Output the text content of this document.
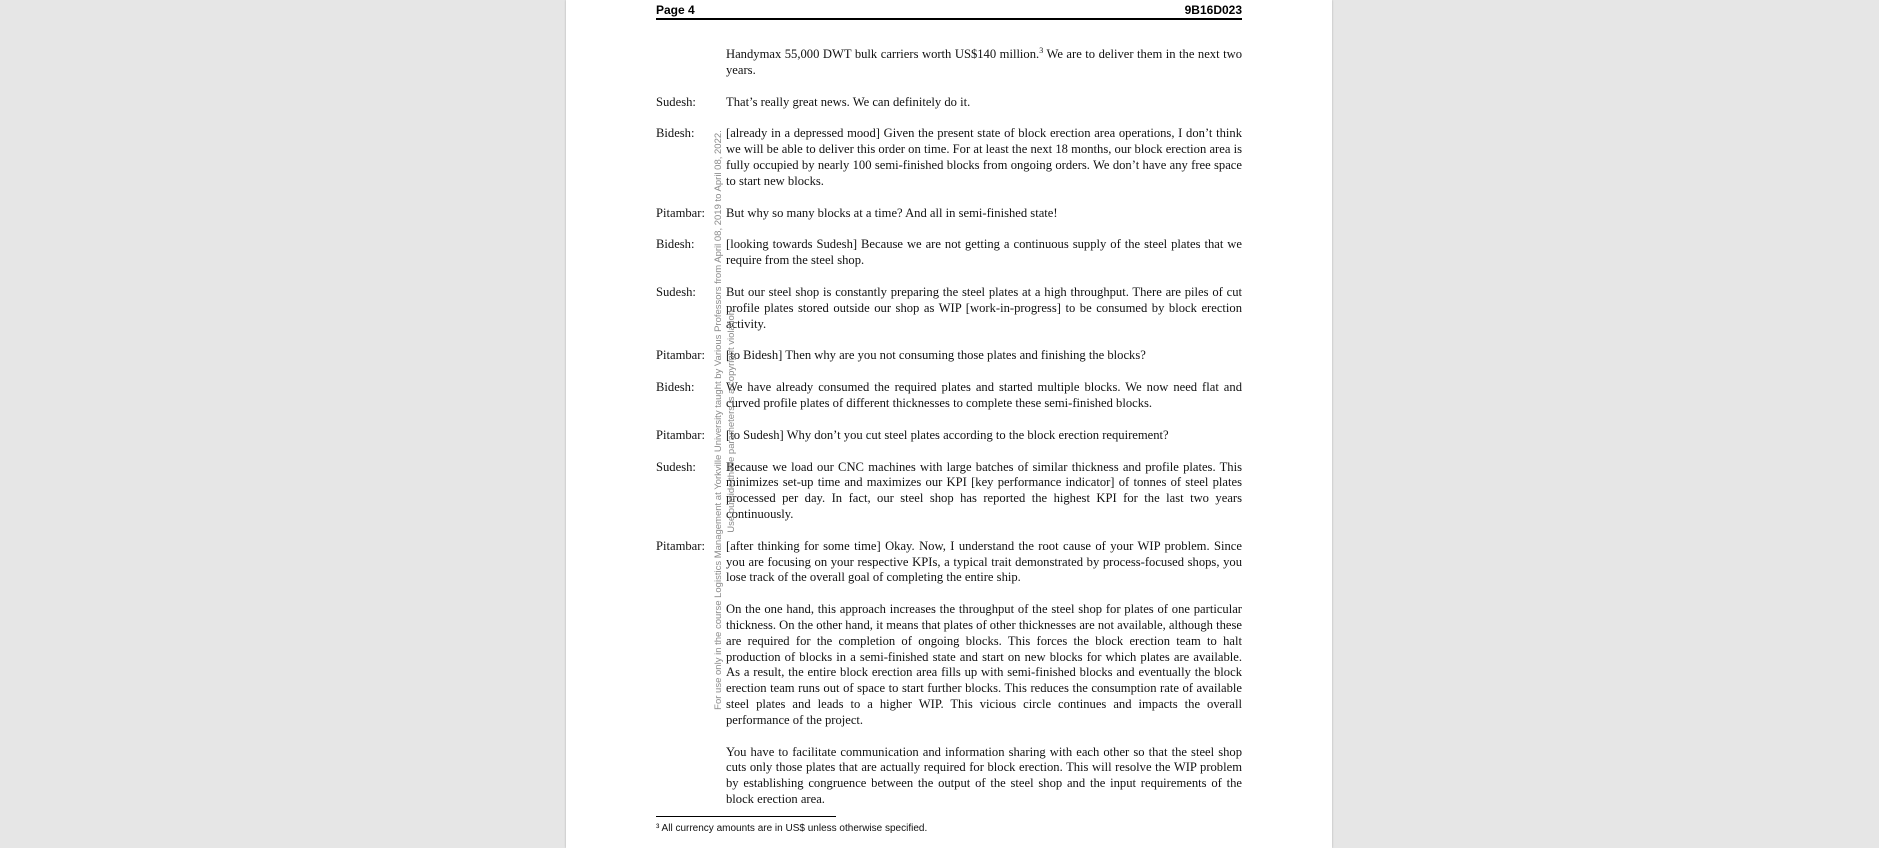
Page 4	9B16D023
Handymax 55,000 DWT bulk carriers worth US$140 million.$^3$ We are to deliver them in the next two years.
Sudesh:	That’s really great news. We can definitely do it.
Bidesh:	[already in a depressed mood] Given the present state of block erection area operations, I don’t think we will be able to deliver this order on time. For at least the next 18 months, our block erection area is fully occupied by nearly 100 semi-finished blocks from ongoing orders. We don’t have any free space to start new blocks.
Pitambar:	But why so many blocks at a time? And all in semi-finished state!
Bidesh:	[looking towards Sudesh] Because we are not getting a continuous supply of the steel plates that we require from the steel shop.
Sudesh:	But our steel shop is constantly preparing the steel plates at a high throughput. There are piles of cut profile plates stored outside our shop as WIP [work-in-progress] to be consumed by block erection activity.
Pitambar:	[to Bidesh] Then why are you not consuming those plates and finishing the blocks?
Bidesh:	We have already consumed the required plates and started multiple blocks. We now need flat and curved profile plates of different thicknesses to complete these semi-finished blocks.
Pitambar:	[to Sudesh] Why don’t you cut steel plates according to the block erection requirement?
Sudesh:	Because we load our CNC machines with large batches of similar thickness and profile plates. This minimizes set-up time and maximizes our KPI [key performance indicator] of tonnes of steel plates processed per day. In fact, our steel shop has reported the highest KPI for the last two years continuously.
Pitambar:	[after thinking for some time] Okay. Now, I understand the root cause of your WIP problem. Since you are focusing on your respective KPIs, a typical trait demonstrated by process-focused shops, you lose track of the overall goal of completing the entire ship.
On the one hand, this approach increases the throughput of the steel shop for plates of one particular thickness. On the other hand, it means that plates of other thicknesses are not available, although these are required for the completion of ongoing blocks. This forces the block erection team to halt production of blocks in a semi-finished state and start on new blocks for which plates are available. As a result, the entire block erection area fills up with semi-finished blocks and eventually the block erection team runs out of space to start further blocks. This reduces the consumption rate of available steel plates and leads to a higher WIP. This vicious circle continues and impacts the overall performance of the project.
You have to facilitate communication and information sharing with each other so that the steel shop cuts only those plates that are actually required for block erection. This will resolve the WIP problem by establishing congruence between the output of the steel shop and the input requirements of the block erection area.
³ All currency amounts are in US$ unless otherwise specified.
For use only in the course Logistics Management at Yorkville University taught by Various Professors from April 08, 2019 to April 08, 2022. Use outside these parameters is a copyright violation.
